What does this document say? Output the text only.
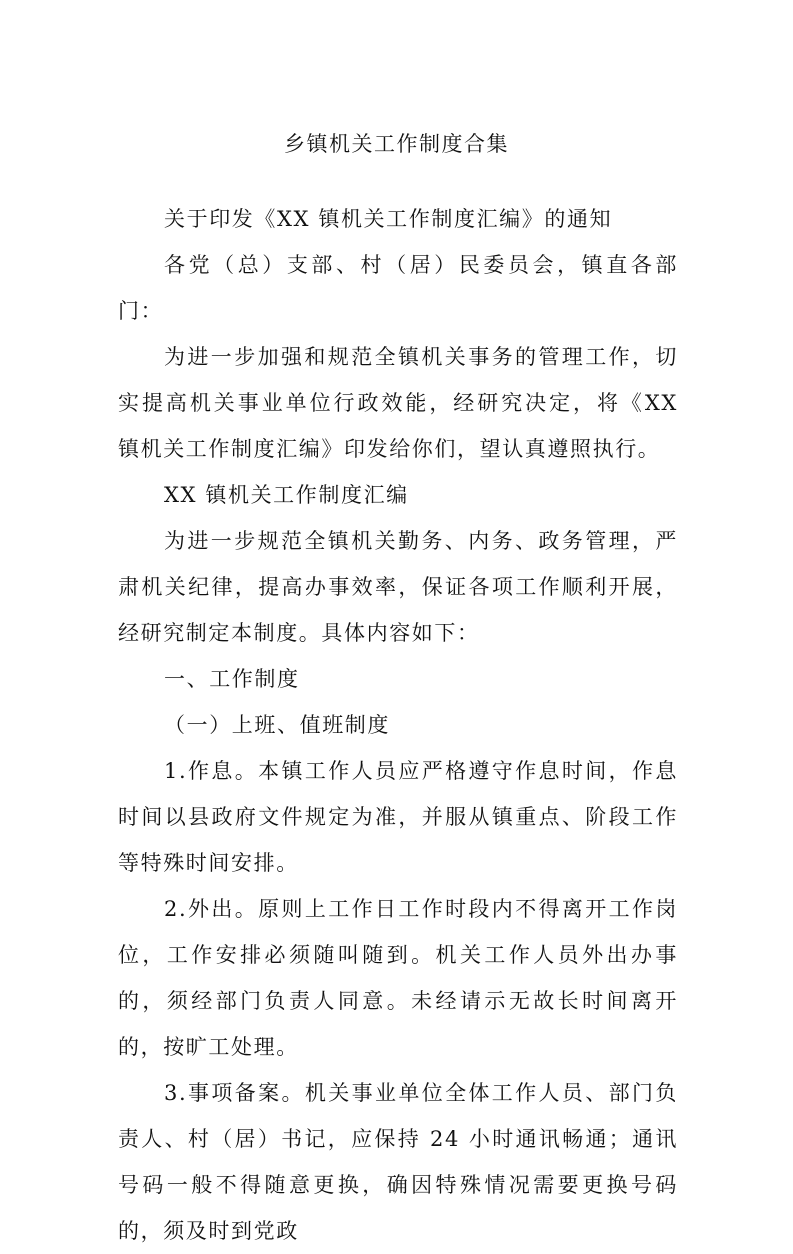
乡镇机关工作制度合集

关于印发《XX 镇机关工作制度汇编》的通知

各党（总）支部、村（居）民委员会，镇直各部门：

为进一步加强和规范全镇机关事务的管理工作，切实提高机关事业单位行政效能，经研究决定，将《XX 镇机关工作制度汇编》印发给你们，望认真遵照执行。

XX 镇机关工作制度汇编

为进一步规范全镇机关勤务、内务、政务管理，严肃机关纪律，提高办事效率，保证各项工作顺利开展，经研究制定本制度。具体内容如下：

一、工作制度

（一）上班、值班制度

1.作息。本镇工作人员应严格遵守作息时间，作息时间以县政府文件规定为准，并服从镇重点、阶段工作等特殊时间安排。

2.外出。原则上工作日工作时段内不得离开工作岗位，工作安排必须随叫随到。机关工作人员外出办事的，须经部门负责人同意。未经请示无故长时间离开的，按旷工处理。

3.事项备案。机关事业单位全体工作人员、部门负责人、村（居）书记，应保持 24 小时通讯畅通；通讯号码一般不得随意更换，确因特殊情况需要更换号码的，须及时到党政
